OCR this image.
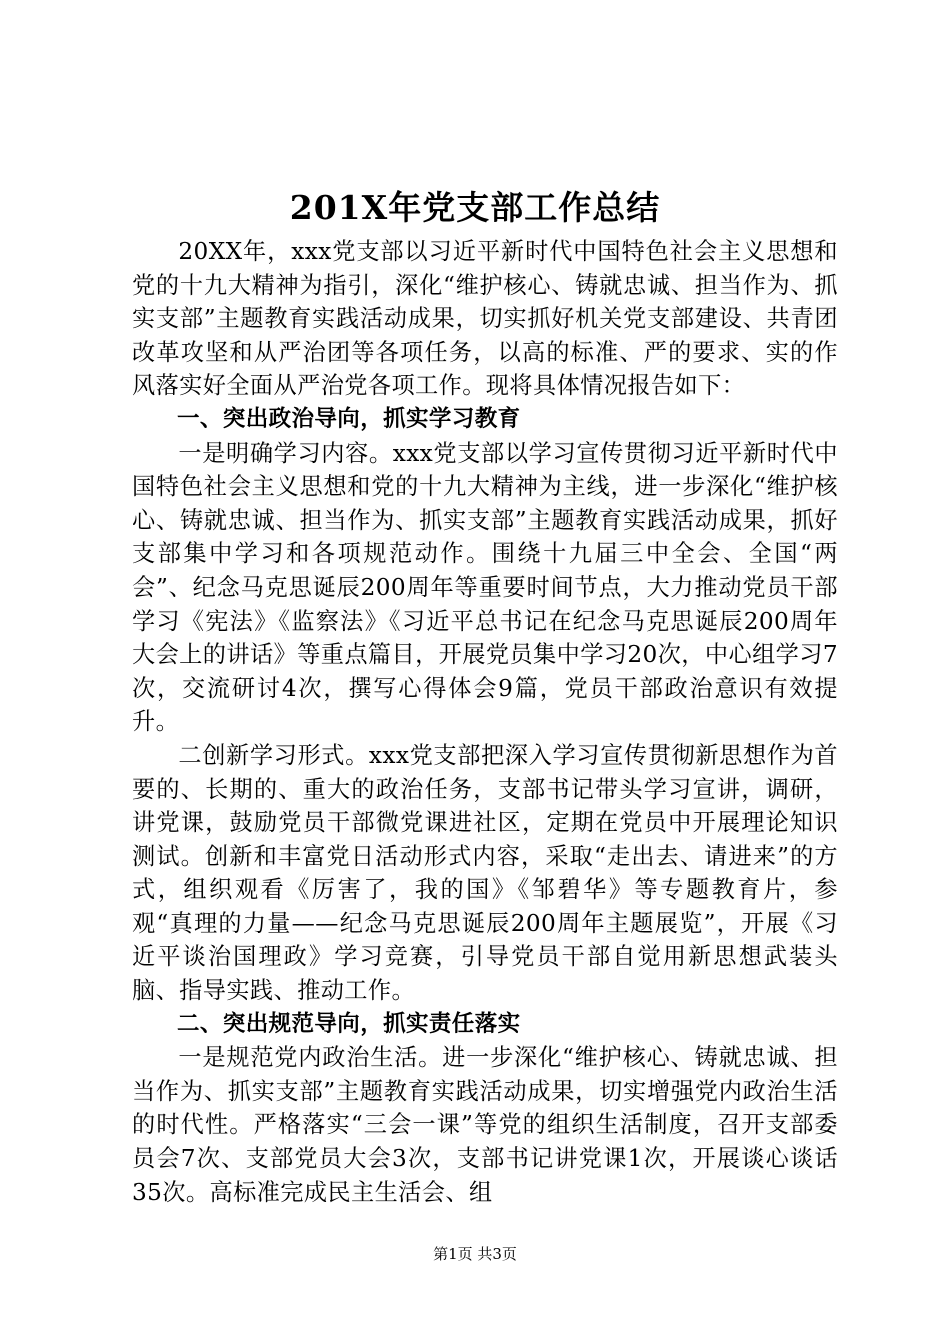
201X年党支部工作总结

20XX年，xxx党支部以习近平新时代中国特色社会主义思想和党的十九大精神为指引，深化“维护核心、铸就忠诚、担当作为、抓实支部”主题教育实践活动成果，切实抓好机关党支部建设、共青团改革攻坚和从严治团等各项任务，以高的标准、严的要求、实的作风落实好全面从严治党各项工作。现将具体情况报告如下：

一、突出政治导向，抓实学习教育

一是明确学习内容。xxx党支部以学习宣传贯彻习近平新时代中国特色社会主义思想和党的十九大精神为主线，进一步深化“维护核心、铸就忠诚、担当作为、抓实支部”主题教育实践活动成果，抓好支部集中学习和各项规范动作。围绕十九届三中全会、全国“两会”、纪念马克思诞辰200周年等重要时间节点，大力推动党员干部学习《宪法》《监察法》《习近平总书记在纪念马克思诞辰200周年大会上的讲话》等重点篇目，开展党员集中学习20次，中心组学习7次，交流研讨4次，撰写心得体会9篇，党员干部政治意识有效提升。

二创新学习形式。xxx党支部把深入学习宣传贯彻新思想作为首要的、长期的、重大的政治任务，支部书记带头学习宣讲，调研，讲党课，鼓励党员干部微党课进社区，定期在党员中开展理论知识测试。创新和丰富党日活动形式内容，采取“走出去、请进来”的方式，组织观看《厉害了，我的国》《邹碧华》等专题教育片，参观“真理的力量——纪念马克思诞辰200周年主题展览”，开展《习近平谈治国理政》学习竞赛，引导党员干部自觉用新思想武装头脑、指导实践、推动工作。

二、突出规范导向，抓实责任落实

一是规范党内政治生活。进一步深化“维护核心、铸就忠诚、担当作为、抓实支部”主题教育实践活动成果，切实增强党内政治生活的时代性。严格落实“三会一课”等党的组织生活制度，召开支部委员会7次、支部党员大会3次，支部书记讲党课1次，开展谈心谈话35次。高标准完成民主生活会、组

第1页 共3页
